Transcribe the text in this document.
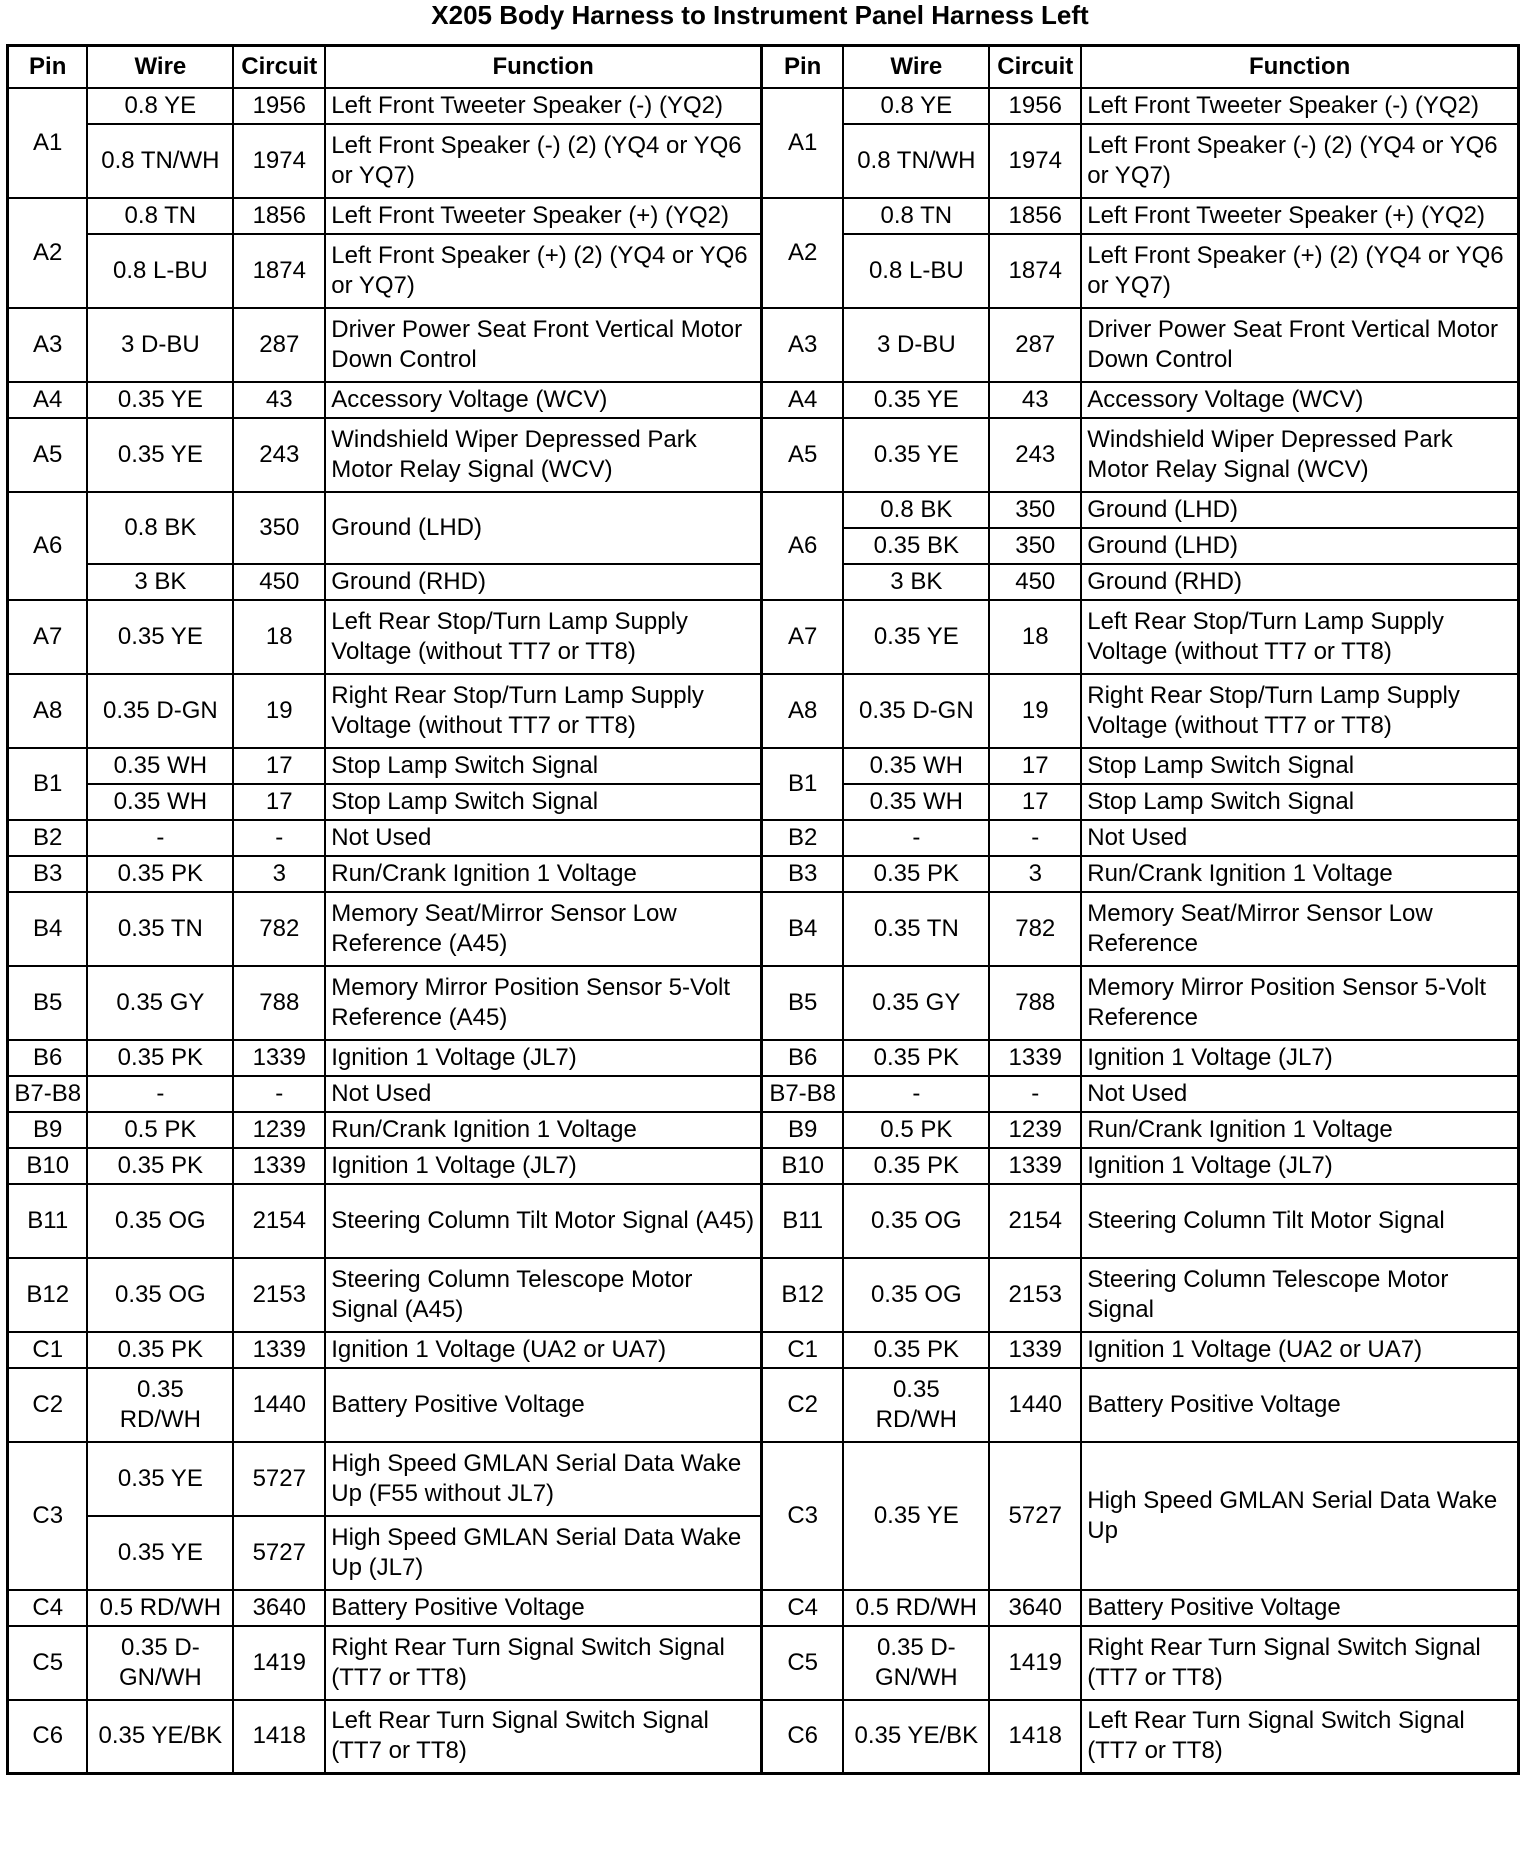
X205 Body Harness to Instrument Panel Harness Left
Pin	Wire	Circuit	Function	Pin	Wire	Circuit	Function
A1	0.8 YE	1956	Left Front Tweeter Speaker (-) (YQ2)	A1	0.8 YE	1956	Left Front Tweeter Speaker (-) (YQ2)
	0.8 TN/WH	1974	Left Front Speaker (-) (2) (YQ4 or YQ6 or YQ7)		0.8 TN/WH	1974	Left Front Speaker (-) (2) (YQ4 or YQ6 or YQ7)
A2	0.8 TN	1856	Left Front Tweeter Speaker (+) (YQ2)	A2	0.8 TN	1856	Left Front Tweeter Speaker (+) (YQ2)
	0.8 L-BU	1874	Left Front Speaker (+) (2) (YQ4 or YQ6 or YQ7)		0.8 L-BU	1874	Left Front Speaker (+) (2) (YQ4 or YQ6 or YQ7)
A3	3 D-BU	287	Driver Power Seat Front Vertical Motor Down Control	A3	3 D-BU	287	Driver Power Seat Front Vertical Motor Down Control
A4	0.35 YE	43	Accessory Voltage (WCV)	A4	0.35 YE	43	Accessory Voltage (WCV)
A5	0.35 YE	243	Windshield Wiper Depressed Park Motor Relay Signal (WCV)	A5	0.35 YE	243	Windshield Wiper Depressed Park Motor Relay Signal (WCV)
A6	0.8 BK	350	Ground (LHD)	A6	0.8 BK	350	Ground (LHD)
					0.35 BK	350	Ground (LHD)
	3 BK	450	Ground (RHD)		3 BK	450	Ground (RHD)
A7	0.35 YE	18	Left Rear Stop/Turn Lamp Supply Voltage (without TT7 or TT8)	A7	0.35 YE	18	Left Rear Stop/Turn Lamp Supply Voltage (without TT7 or TT8)
A8	0.35 D-GN	19	Right Rear Stop/Turn Lamp Supply Voltage (without TT7 or TT8)	A8	0.35 D-GN	19	Right Rear Stop/Turn Lamp Supply Voltage (without TT7 or TT8)
B1	0.35 WH	17	Stop Lamp Switch Signal	B1	0.35 WH	17	Stop Lamp Switch Signal
	0.35 WH	17	Stop Lamp Switch Signal		0.35 WH	17	Stop Lamp Switch Signal
B2	-	-	Not Used	B2	-	-	Not Used
B3	0.35 PK	3	Run/Crank Ignition 1 Voltage	B3	0.35 PK	3	Run/Crank Ignition 1 Voltage
B4	0.35 TN	782	Memory Seat/Mirror Sensor Low Reference (A45)	B4	0.35 TN	782	Memory Seat/Mirror Sensor Low Reference
B5	0.35 GY	788	Memory Mirror Position Sensor 5-Volt Reference (A45)	B5	0.35 GY	788	Memory Mirror Position Sensor 5-Volt Reference
B6	0.35 PK	1339	Ignition 1 Voltage (JL7)	B6	0.35 PK	1339	Ignition 1 Voltage (JL7)
B7-B8	-	-	Not Used	B7-B8	-	-	Not Used
B9	0.5 PK	1239	Run/Crank Ignition 1 Voltage	B9	0.5 PK	1239	Run/Crank Ignition 1 Voltage
B10	0.35 PK	1339	Ignition 1 Voltage (JL7)	B10	0.35 PK	1339	Ignition 1 Voltage (JL7)
B11	0.35 OG	2154	Steering Column Tilt Motor Signal (A45)	B11	0.35 OG	2154	Steering Column Tilt Motor Signal
B12	0.35 OG	2153	Steering Column Telescope Motor Signal (A45)	B12	0.35 OG	2153	Steering Column Telescope Motor Signal
C1	0.35 PK	1339	Ignition 1 Voltage (UA2 or UA7)	C1	0.35 PK	1339	Ignition 1 Voltage (UA2 or UA7)
C2	0.35 RD/WH	1440	Battery Positive Voltage	C2	0.35 RD/WH	1440	Battery Positive Voltage
C3	0.35 YE	5727	High Speed GMLAN Serial Data Wake Up (F55 without JL7)	C3	0.35 YE	5727	High Speed GMLAN Serial Data Wake Up
	0.35 YE	5727	High Speed GMLAN Serial Data Wake Up (JL7)				
C4	0.5 RD/WH	3640	Battery Positive Voltage	C4	0.5 RD/WH	3640	Battery Positive Voltage
C5	0.35 D-GN/WH	1419	Right Rear Turn Signal Switch Signal (TT7 or TT8)	C5	0.35 D-GN/WH	1419	Right Rear Turn Signal Switch Signal (TT7 or TT8)
C6	0.35 YE/BK	1418	Left Rear Turn Signal Switch Signal (TT7 or TT8)	C6	0.35 YE/BK	1418	Left Rear Turn Signal Switch Signal (TT7 or TT8)
